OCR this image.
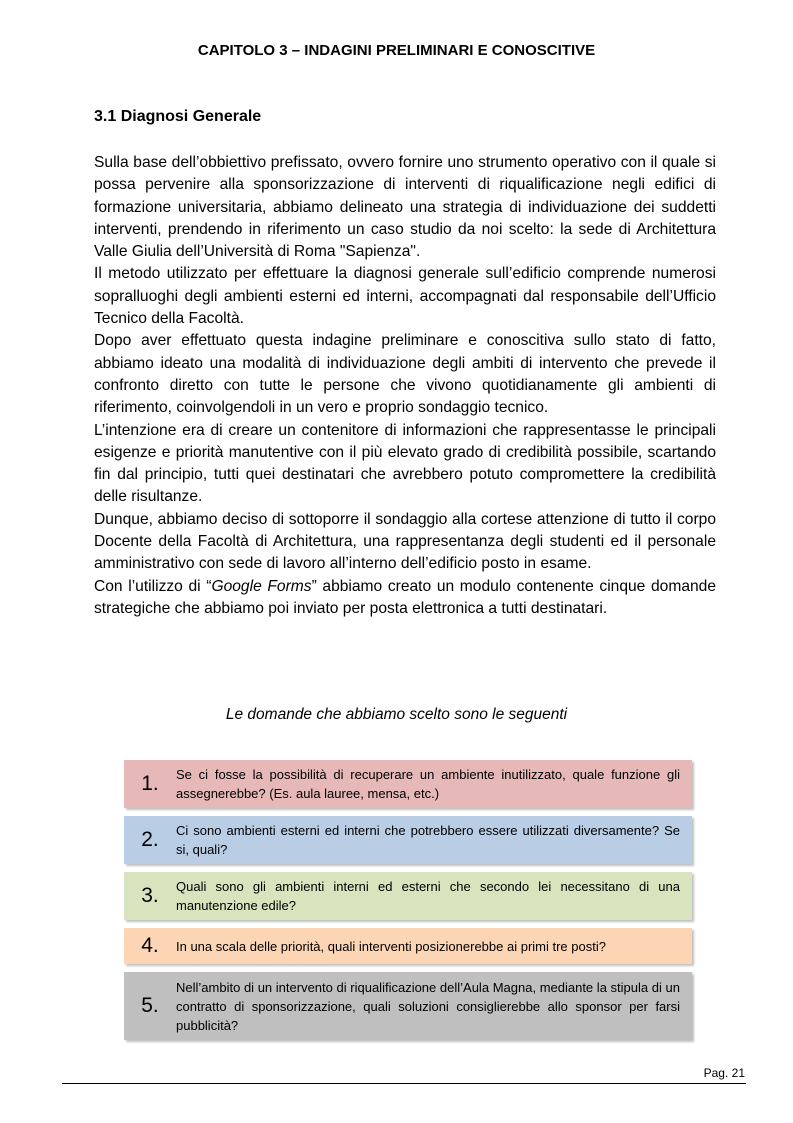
CAPITOLO 3 – INDAGINI PRELIMINARI E CONOSCITIVE
3.1 Diagnosi Generale

Sulla base dell’obbiettivo prefissato, ovvero fornire uno strumento operativo con il quale si possa pervenire alla sponsorizzazione di interventi di riqualificazione negli edifici di formazione universitaria, abbiamo delineato una strategia di individuazione dei suddetti interventi, prendendo in riferimento un caso studio da noi scelto: la sede di Architettura Valle Giulia dell’Università di Roma "Sapienza".

Il metodo utilizzato per effettuare la diagnosi generale sull’edificio comprende numerosi sopralluoghi degli ambienti esterni ed interni, accompagnati dal responsabile dell’Ufficio Tecnico della Facoltà.

Dopo aver effettuato questa indagine preliminare e conoscitiva sullo stato di fatto, abbiamo ideato una modalità di individuazione degli ambiti di intervento che prevede il confronto diretto con tutte le persone che vivono quotidianamente gli ambienti di riferimento, coinvolgendoli in un vero e proprio sondaggio tecnico.

L’intenzione era di creare un contenitore di informazioni che rappresentasse le principali esigenze e priorità manutentive con il più elevato grado di credibilità possibile, scartando fin dal principio, tutti quei destinatari che avrebbero potuto compromettere la credibilità delle risultanze.

Dunque, abbiamo deciso di sottoporre il sondaggio alla cortese attenzione di tutto il corpo Docente della Facoltà di Architettura, una rappresentanza degli studenti ed il personale amministrativo con sede di lavoro all’interno dell’edificio posto in esame.

Con l’utilizzo di “Google Forms” abbiamo creato un modulo contenente cinque domande strategiche che abbiamo poi inviato per posta elettronica a tutti destinatari.

Le domande che abbiamo scelto sono le seguenti
1.	Se ci fosse la possibilità di recuperare un ambiente inutilizzato, quale funzione gli assegnerebbe? (Es. aula lauree, mensa, etc.)
2.	Ci sono ambienti esterni ed interni che potrebbero essere utilizzati diversamente? Se si, quali?
3.	Quali sono gli ambienti interni ed esterni che secondo lei necessitano di una manutenzione edile?
4.	In una scala delle priorità, quali interventi posizionerebbe ai primi tre posti?
5.
Nell’ambito di un intervento di riqualificazione dell’Aula Magna, mediante la stipula di un contratto di sponsorizzazione, quali soluzioni consiglierebbe allo sponsor per farsi pubblicità?
Pag. 21
